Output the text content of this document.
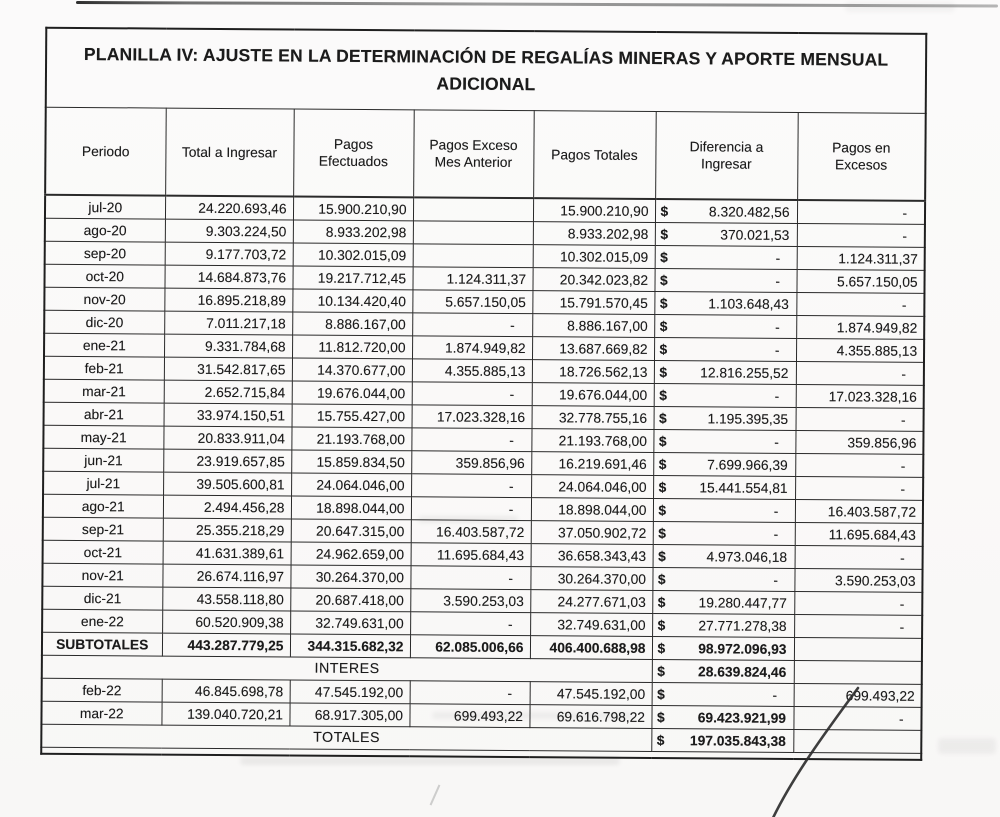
PLANILLA IV: AJUSTE EN LA DETERMINACIÓN DE REGALÍAS MINERAS Y APORTE MENSUAL
ADICIONAL						
Periodo	Total a Ingresar	Pagos Efectuados	Pagos Exceso Mes Anterior	Pagos Totales	Diferencia a Ingresar	Pagos en Excesos
jul-20	24.220.693,46	15.900.210,90		15.900.210,90	$ 8.320.482,56	-
ago-20	9.303.224,50	8.933.202,98		8.933.202,98	$ 370.021,53	-
sep-20	9.177.703,72	10.302.015,09		10.302.015,09	$ -	1.124.311,37
oct-20	14.684.873,76	19.217.712,45	1.124.311,37	20.342.023,82	$ -	5.657.150,05
nov-20	16.895.218,89	10.134.420,40	5.657.150,05	15.791.570,45	$ 1.103.648,43	-
dic-20	7.011.217,18	8.886.167,00	-	8.886.167,00	$ -	1.874.949,82
ene-21	9.331.784,68	11.812.720,00	1.874.949,82	13.687.669,82	$ -	4.355.885,13
feb-21	31.542.817,65	14.370.677,00	4.355.885,13	18.726.562,13	$ 12.816.255,52	-
mar-21	2.652.715,84	19.676.044,00	-	19.676.044,00	$ -	17.023.328,16
abr-21	33.974.150,51	15.755.427,00	17.023.328,16	32.778.755,16	$ 1.195.395,35	-
may-21	20.833.911,04	21.193.768,00	-	21.193.768,00	$ -	359.856,96
jun-21	23.919.657,85	15.859.834,50	359.856,96	16.219.691,46	$ 7.699.966,39	-
jul-21	39.505.600,81	24.064.046,00	-	24.064.046,00	$ 15.441.554,81	-
ago-21	2.494.456,28	18.898.044,00	-	18.898.044,00	$ -	16.403.587,72
sep-21	25.355.218,29	20.647.315,00	16.403.587,72	37.050.902,72	$ -	11.695.684,43
oct-21	41.631.389,61	24.962.659,00	11.695.684,43	36.658.343,43	$ 4.973.046,18	-
nov-21	26.674.116,97	30.264.370,00	-	30.264.370,00	$ -	3.590.253,03
dic-21	43.558.118,80	20.687.418,00	3.590.253,03	24.277.671,03	$ 19.280.447,77	-
ene-22	60.520.909,38	32.749.631,00	-	32.749.631,00	$ 27.771.278,38	-
SUBTOTALES	443.287.779,25	344.315.682,32	62.085.006,66	406.400.688,98	$ 98.972.096,93	

INTERES					$ 28.639.824,46	

feb-22	46.845.698,78	47.545.192,00	-	47.545.192,00	$ -	699.493,22
mar-22	139.040.720,21	68.917.305,00	699.493,22	69.616.798,22	$ 69.423.921,99	-
TOTALES					$ 197.035.843,38	
